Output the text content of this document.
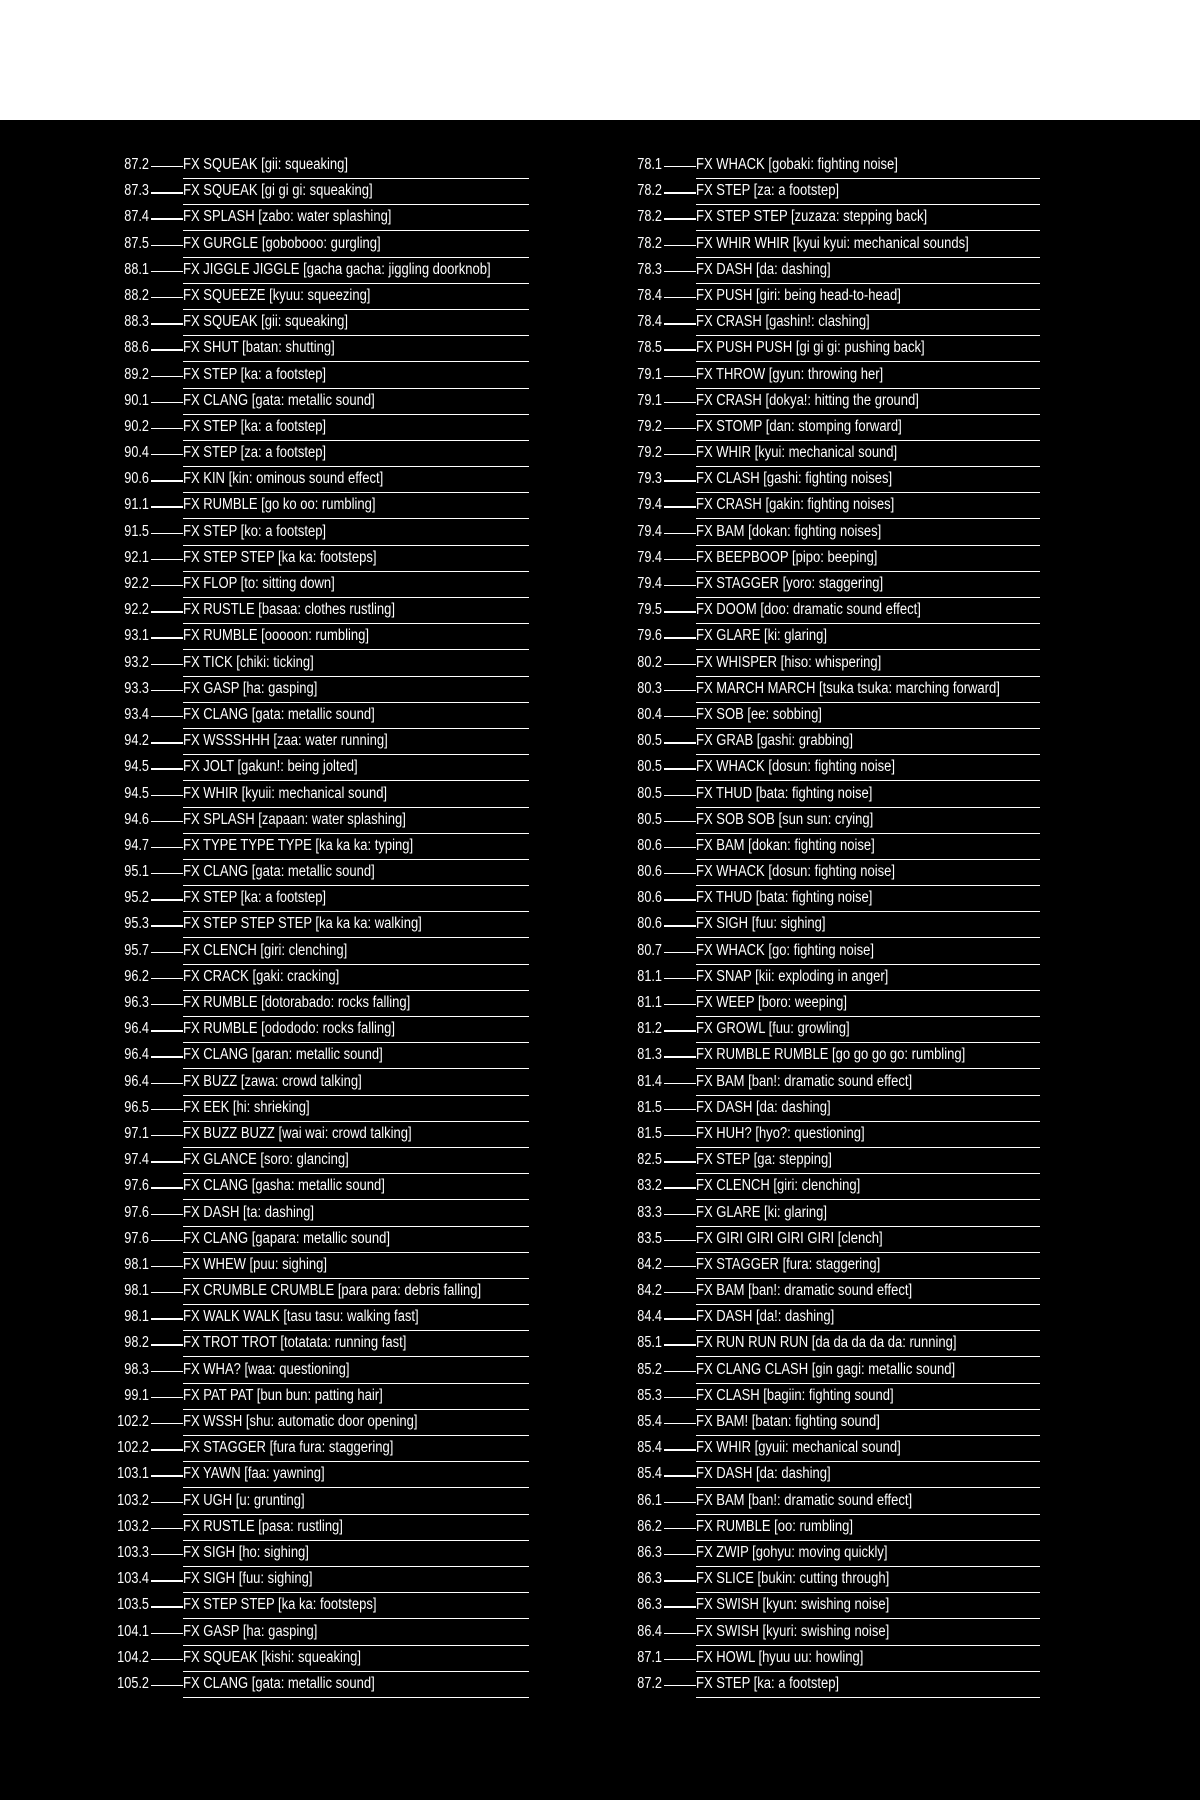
87.2 FX SQUEAK [gii: squeaking]
87.3 FX SQUEAK [gi gi gi: squeaking]
87.4 FX SPLASH [zabo: water splashing]
87.5 FX GURGLE [gobobooo: gurgling]
88.1 FX JIGGLE JIGGLE [gacha gacha: jiggling doorknob]
88.2 FX SQUEEZE [kyuu: squeezing]
88.3 FX SQUEAK [gii: squeaking]
88.6 FX SHUT [batan: shutting]
89.2 FX STEP [ka: a footstep]
90.1 FX CLANG [gata: metallic sound]
90.2 FX STEP [ka: a footstep]
90.4 FX STEP [za: a footstep]
90.6 FX KIN [kin: ominous sound effect]
91.1 FX RUMBLE [go ko oo: rumbling]
91.5 FX STEP [ko: a footstep]
92.1 FX STEP STEP [ka ka: footsteps]
92.2 FX FLOP [to: sitting down]
92.2 FX RUSTLE [basaa: clothes rustling]
93.1 FX RUMBLE [ooooon: rumbling]
93.2 FX TICK [chiki: ticking]
93.3 FX GASP [ha: gasping]
93.4 FX CLANG [gata: metallic sound]
94.2 FX WSSSHHH [zaa: water running]
94.5 FX JOLT [gakun!: being jolted]
94.5 FX WHIR [kyuii: mechanical sound]
94.6 FX SPLASH [zapaan: water splashing]
94.7 FX TYPE TYPE TYPE [ka ka ka: typing]
95.1 FX CLANG [gata: metallic sound]
95.2 FX STEP [ka: a footstep]
95.3 FX STEP STEP STEP [ka ka ka: walking]
95.7 FX CLENCH [giri: clenching]
96.2 FX CRACK [gaki: cracking]
96.3 FX RUMBLE [dotorabado: rocks falling]
96.4 FX RUMBLE [odododo: rocks falling]
96.4 FX CLANG [garan: metallic sound]
96.4 FX BUZZ [zawa: crowd talking]
96.5 FX EEK [hi: shrieking]
97.1 FX BUZZ BUZZ [wai wai: crowd talking]
97.4 FX GLANCE [soro: glancing]
97.6 FX CLANG [gasha: metallic sound]
97.6 FX DASH [ta: dashing]
97.6 FX CLANG [gapara: metallic sound]
98.1 FX WHEW [puu: sighing]
98.1 FX CRUMBLE CRUMBLE [para para: debris falling]
98.1 FX WALK WALK [tasu tasu: walking fast]
98.2 FX TROT TROT [totatata: running fast]
98.3 FX WHA? [waa: questioning]
99.1 FX PAT PAT [bun bun: patting hair]
102.2 FX WSSH [shu: automatic door opening]
102.2 FX STAGGER [fura fura: staggering]
103.1 FX YAWN [faa: yawning]
103.2 FX UGH [u: grunting]
103.2 FX RUSTLE [pasa: rustling]
103.3 FX SIGH [ho: sighing]
103.4 FX SIGH [fuu: sighing]
103.5 FX STEP STEP [ka ka: footsteps]
104.1 FX GASP [ha: gasping]
104.2 FX SQUEAK [kishi: squeaking]
105.2 FX CLANG [gata: metallic sound]
78.1 FX WHACK [gobaki: fighting noise]
78.2 FX STEP [za: a footstep]
78.2 FX STEP STEP [zuzaza: stepping back]
78.2 FX WHIR WHIR [kyui kyui: mechanical sounds]
78.3 FX DASH [da: dashing]
78.4 FX PUSH [giri: being head-to-head]
78.4 FX CRASH [gashin!: clashing]
78.5 FX PUSH PUSH [gi gi gi: pushing back]
79.1 FX THROW [gyun: throwing her]
79.1 FX CRASH [dokya!: hitting the ground]
79.2 FX STOMP [dan: stomping forward]
79.2 FX WHIR [kyui: mechanical sound]
79.3 FX CLASH [gashi: fighting noises]
79.4 FX CRASH [gakin: fighting noises]
79.4 FX BAM [dokan: fighting noises]
79.4 FX BEEPBOOP [pipo: beeping]
79.4 FX STAGGER [yoro: staggering]
79.5 FX DOOM [doo: dramatic sound effect]
79.6 FX GLARE [ki: glaring]
80.2 FX WHISPER [hiso: whispering]
80.3 FX MARCH MARCH [tsuka tsuka: marching forward]
80.4 FX SOB [ee: sobbing]
80.5 FX GRAB [gashi: grabbing]
80.5 FX WHACK [dosun: fighting noise]
80.5 FX THUD [bata: fighting noise]
80.5 FX SOB SOB [sun sun: crying]
80.6 FX BAM [dokan: fighting noise]
80.6 FX WHACK [dosun: fighting noise]
80.6 FX THUD [bata: fighting noise]
80.6 FX SIGH [fuu: sighing]
80.7 FX WHACK [go: fighting noise]
81.1 FX SNAP [kii: exploding in anger]
81.1 FX WEEP [boro: weeping]
81.2 FX GROWL [fuu: growling]
81.3 FX RUMBLE RUMBLE [go go go go: rumbling]
81.4 FX BAM [ban!: dramatic sound effect]
81.5 FX DASH [da: dashing]
81.5 FX HUH? [hyo?: questioning]
82.5 FX STEP [ga: stepping]
83.2 FX CLENCH [giri: clenching]
83.3 FX GLARE [ki: glaring]
83.5 FX GIRI GIRI GIRI GIRI [clench]
84.2 FX STAGGER [fura: staggering]
84.2 FX BAM [ban!: dramatic sound effect]
84.4 FX DASH [da!: dashing]
85.1 FX RUN RUN RUN [da da da da da: running]
85.2 FX CLANG CLASH [gin gagi: metallic sound]
85.3 FX CLASH [bagiin: fighting sound]
85.4 FX BAM! [batan: fighting sound]
85.4 FX WHIR [gyuii: mechanical sound]
85.4 FX DASH [da: dashing]
86.1 FX BAM [ban!: dramatic sound effect]
86.2 FX RUMBLE [oo: rumbling]
86.3 FX ZWIP [gohyu: moving quickly]
86.3 FX SLICE [bukin: cutting through]
86.3 FX SWISH [kyun: swishing noise]
86.4 FX SWISH [kyuri: swishing noise]
87.1 FX HOWL [hyuu uu: howling]
87.2 FX STEP [ka: a footstep]
